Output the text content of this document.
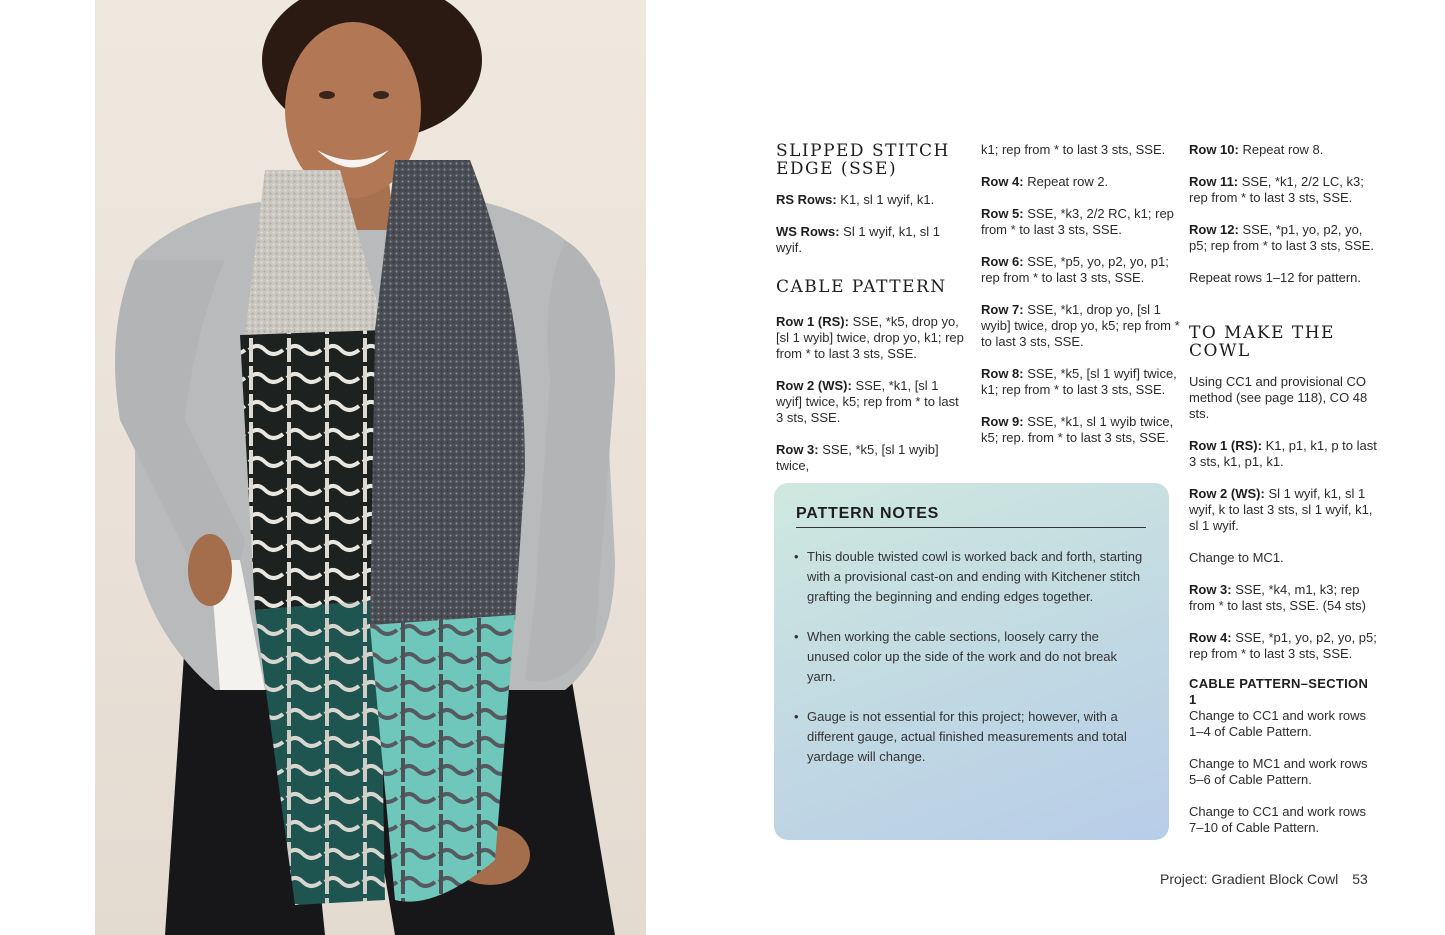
SLIPPED STITCH EDGE (SSE)

RS Rows: K1, sl 1 wyif, k1.

WS Rows: Sl 1 wyif, k1, sl 1 wyif.

CABLE PATTERN

Row 1 (RS): SSE, *k5, drop yo, [sl 1 wyib] twice, drop yo, k1; rep from * to last 3 sts, SSE.

Row 2 (WS): SSE, *k1, [sl 1 wyif] twice, k5; rep from * to last 3 sts, SSE.

Row 3: SSE, *k5, [sl 1 wyib] twice,

k1; rep from * to last 3 sts, SSE.

Row 4: Repeat row 2.

Row 5: SSE, *k3, 2/2 RC, k1; rep from * to last 3 sts, SSE.

Row 6: SSE, *p5, yo, p2, yo, p1; rep from * to last 3 sts, SSE.

Row 7: SSE, *k1, drop yo, [sl 1 wyib] twice, drop yo, k5; rep from * to last 3 sts, SSE.

Row 8: SSE, *k5, [sl 1 wyif] twice, k1; rep from * to last 3 sts, SSE.

Row 9: SSE, *k1, sl 1 wyib twice, k5; rep. from * to last 3 sts, SSE.

Row 10: Repeat row 8.

Row 11: SSE, *k1, 2/2 LC, k3; rep from * to last 3 sts, SSE.

Row 12: SSE, *p1, yo, p2, yo, p5; rep from * to last 3 sts, SSE.

Repeat rows 1–12 for pattern.

TO MAKE THE COWL

Using CC1 and provisional CO method (see page 118), CO 48 sts.

Row 1 (RS): K1, p1, k1, p to last 3 sts, k1, p1, k1.

Row 2 (WS): Sl 1 wyif, k1, sl 1 wyif, k to last 3 sts, sl 1 wyif, k1, sl 1 wyif.

Change to MC1.

Row 3: SSE, *k4, m1, k3; rep from * to last sts, SSE. (54 sts)

Row 4: SSE, *p1, yo, p2, yo, p5; rep from * to last 3 sts, SSE.

CABLE PATTERN–SECTION 1

Change to CC1 and work rows 1–4 of Cable Pattern.

Change to MC1 and work rows 5–6 of Cable Pattern.

Change to CC1 and work rows 7–10 of Cable Pattern.

PATTERN NOTES
• This double twisted cowl is worked back and forth, starting with a provisional cast-on and ending with Kitchener stitch grafting the beginning and ending edges together.
• When working the cable sections, loosely carry the unused color up the side of the work and do not break yarn.
• Gauge is not essential for this project; however, with a different gauge, actual finished measurements and total yardage will change.
Project: Gradient Block Cowl 53
